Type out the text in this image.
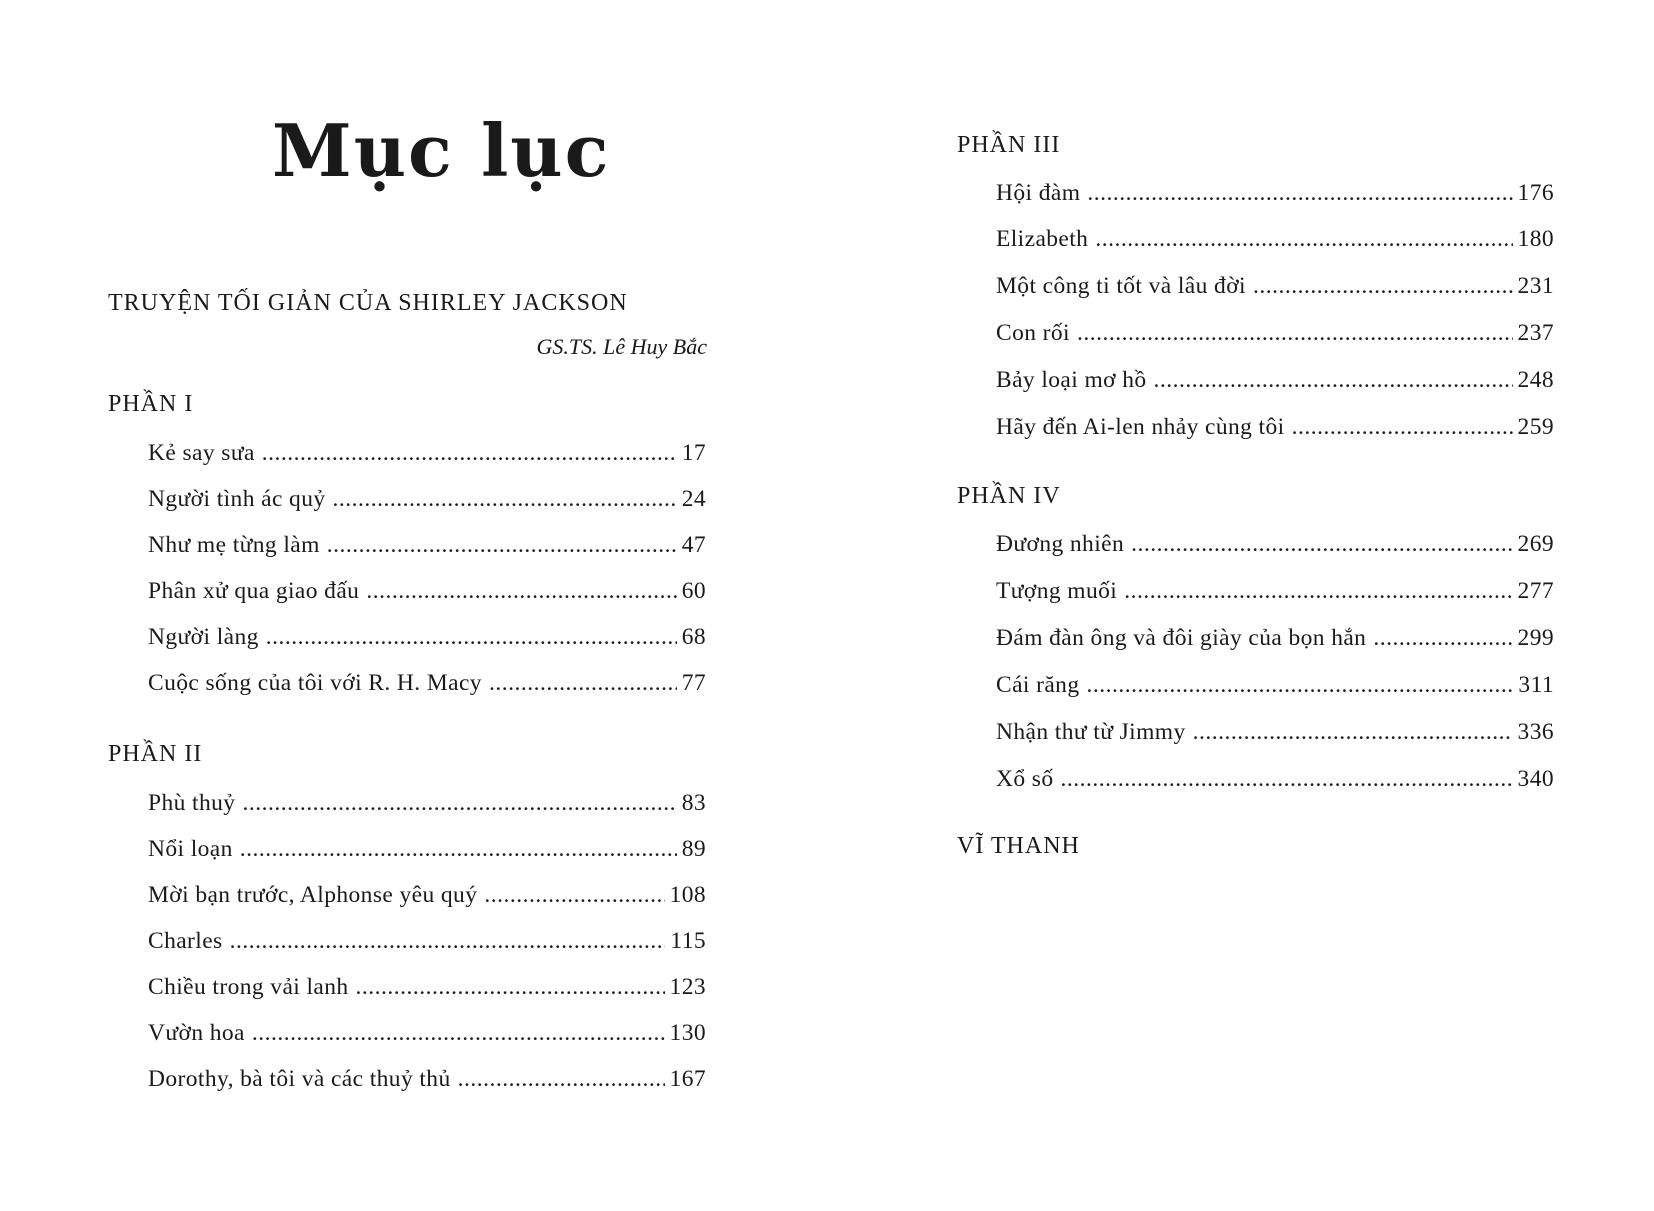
Mục lục
TRUYỆN TỐI GIẢN CỦA SHIRLEY JACKSON
GS.TS. Lê Huy Bắc
PHẦN I
Kẻ say sưa .....	17
Người tình ác quỷ .....	24
Như mẹ từng làm .....	47
Phân xử qua giao đấu .....	60
Người làng .....	68
Cuộc sống của tôi với R. H. Macy .....	77
PHẦN II
Phù thuỷ .....	83
Nổi loạn .....	89
Mời bạn trước, Alphonse yêu quý .....	108
Charles .....	115
Chiều trong vải lanh .....	123
Vườn hoa .....	130
Dorothy, bà tôi và các thuỷ thủ .....	167
PHẦN III
Hội đàm .....	176
Elizabeth .....	180
Một công ti tốt và lâu đời .....	231
Con rối .....	237
Bảy loại mơ hồ .....	248
Hãy đến Ai-len nhảy cùng tôi .....	259
PHẦN IV
Đương nhiên .....	269
Tượng muối .....	277
Đám đàn ông và đôi giày của bọn hắn .....	299
Cái răng .....	311
Nhận thư từ Jimmy .....	336
Xổ số .....	340
VĨ THANH
